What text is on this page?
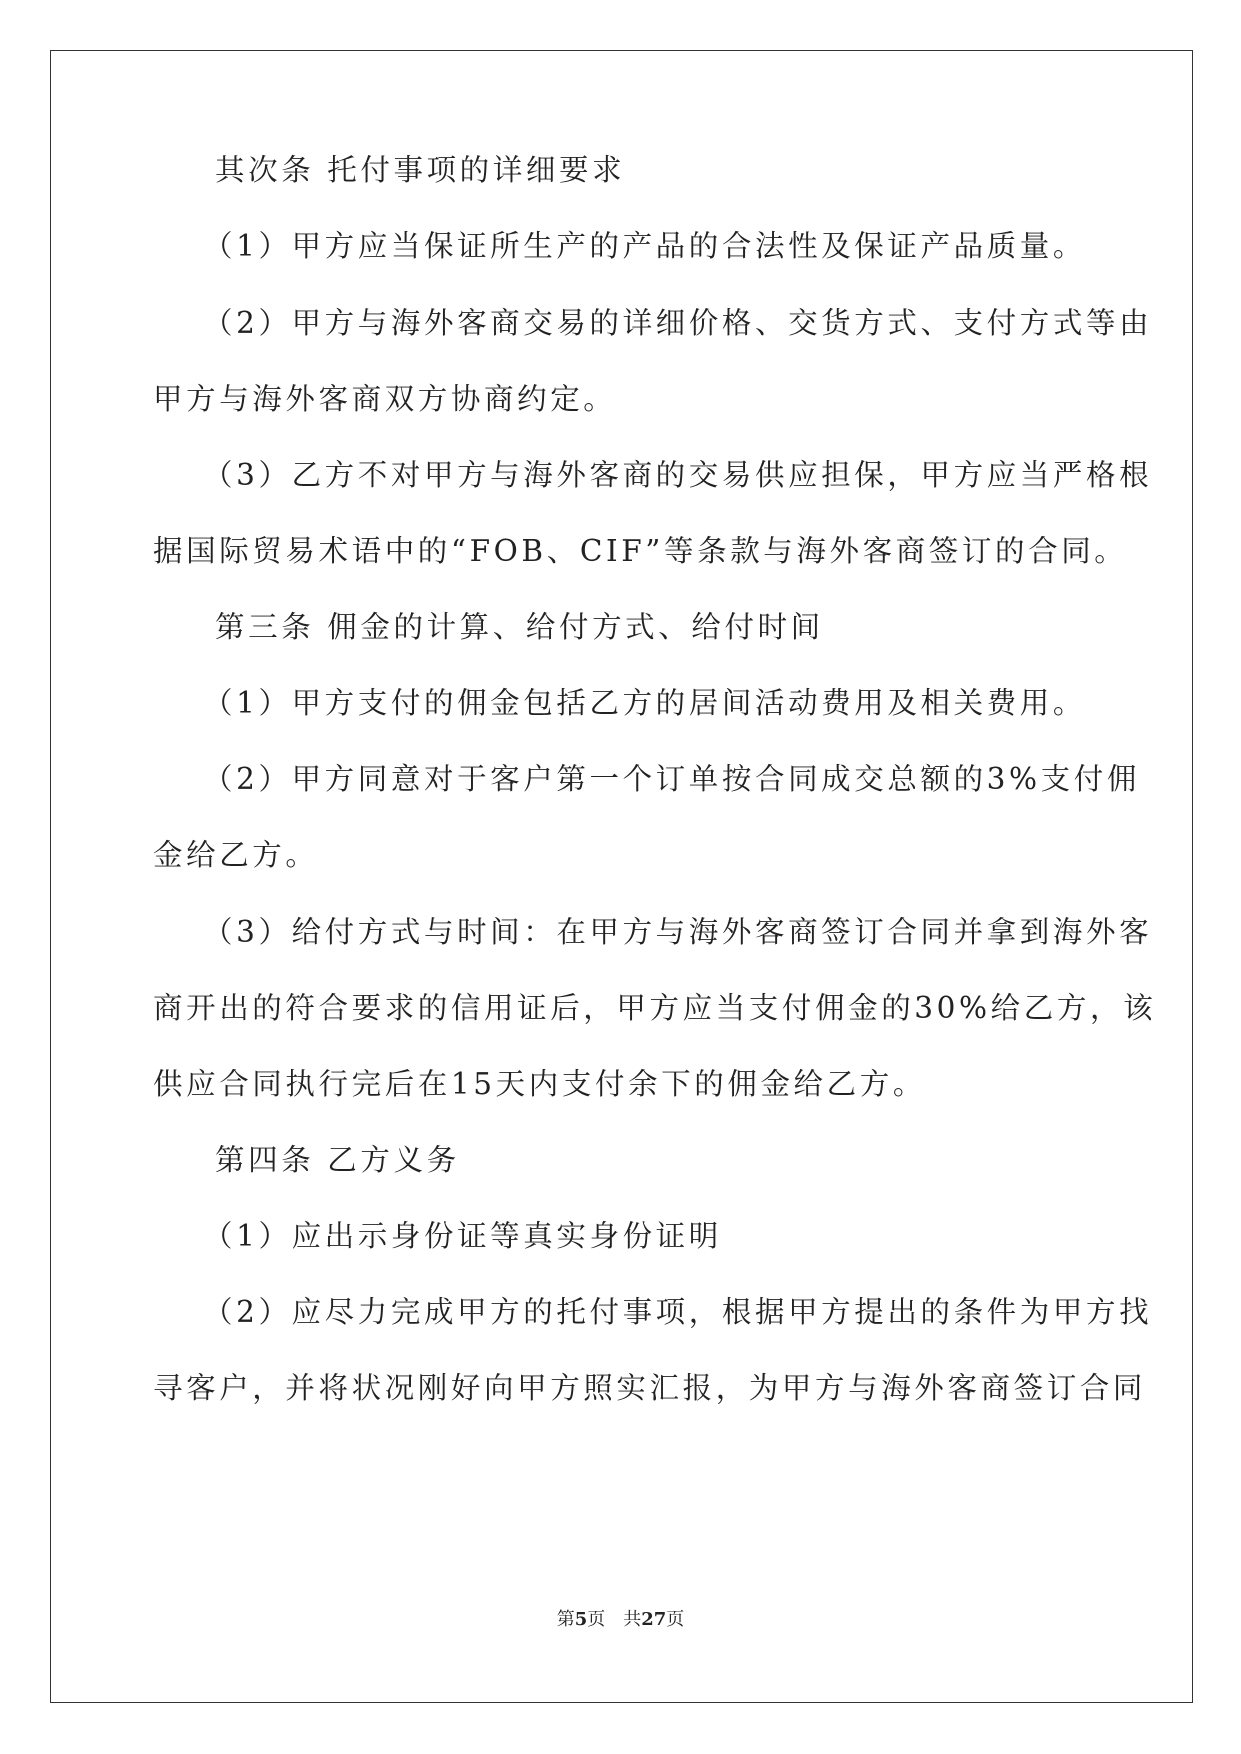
其次条 托付事项的详细要求
（1）甲方应当保证所生产的产品的合法性及保证产品质量。
（2）甲方与海外客商交易的详细价格、交货方式、支付方式等由
甲方与海外客商双方协商约定。
（3）乙方不对甲方与海外客商的交易供应担保，甲方应当严格根
据国际贸易术语中的“FOB、CIF”等条款与海外客商签订的合同。
第三条 佣金的计算、给付方式、给付时间
（1）甲方支付的佣金包括乙方的居间活动费用及相关费用。
（2）甲方同意对于客户第一个订单按合同成交总额的3%支付佣
金给乙方。
（3）给付方式与时间：在甲方与海外客商签订合同并拿到海外客
商开出的符合要求的信用证后，甲方应当支付佣金的30%给乙方，该
供应合同执行完后在15天内支付余下的佣金给乙方。
第四条 乙方义务
（1）应出示身份证等真实身份证明
（2）应尽力完成甲方的托付事项，根据甲方提出的条件为甲方找
寻客户，并将状况刚好向甲方照实汇报，为甲方与海外客商签订合同
第5页 共27页
